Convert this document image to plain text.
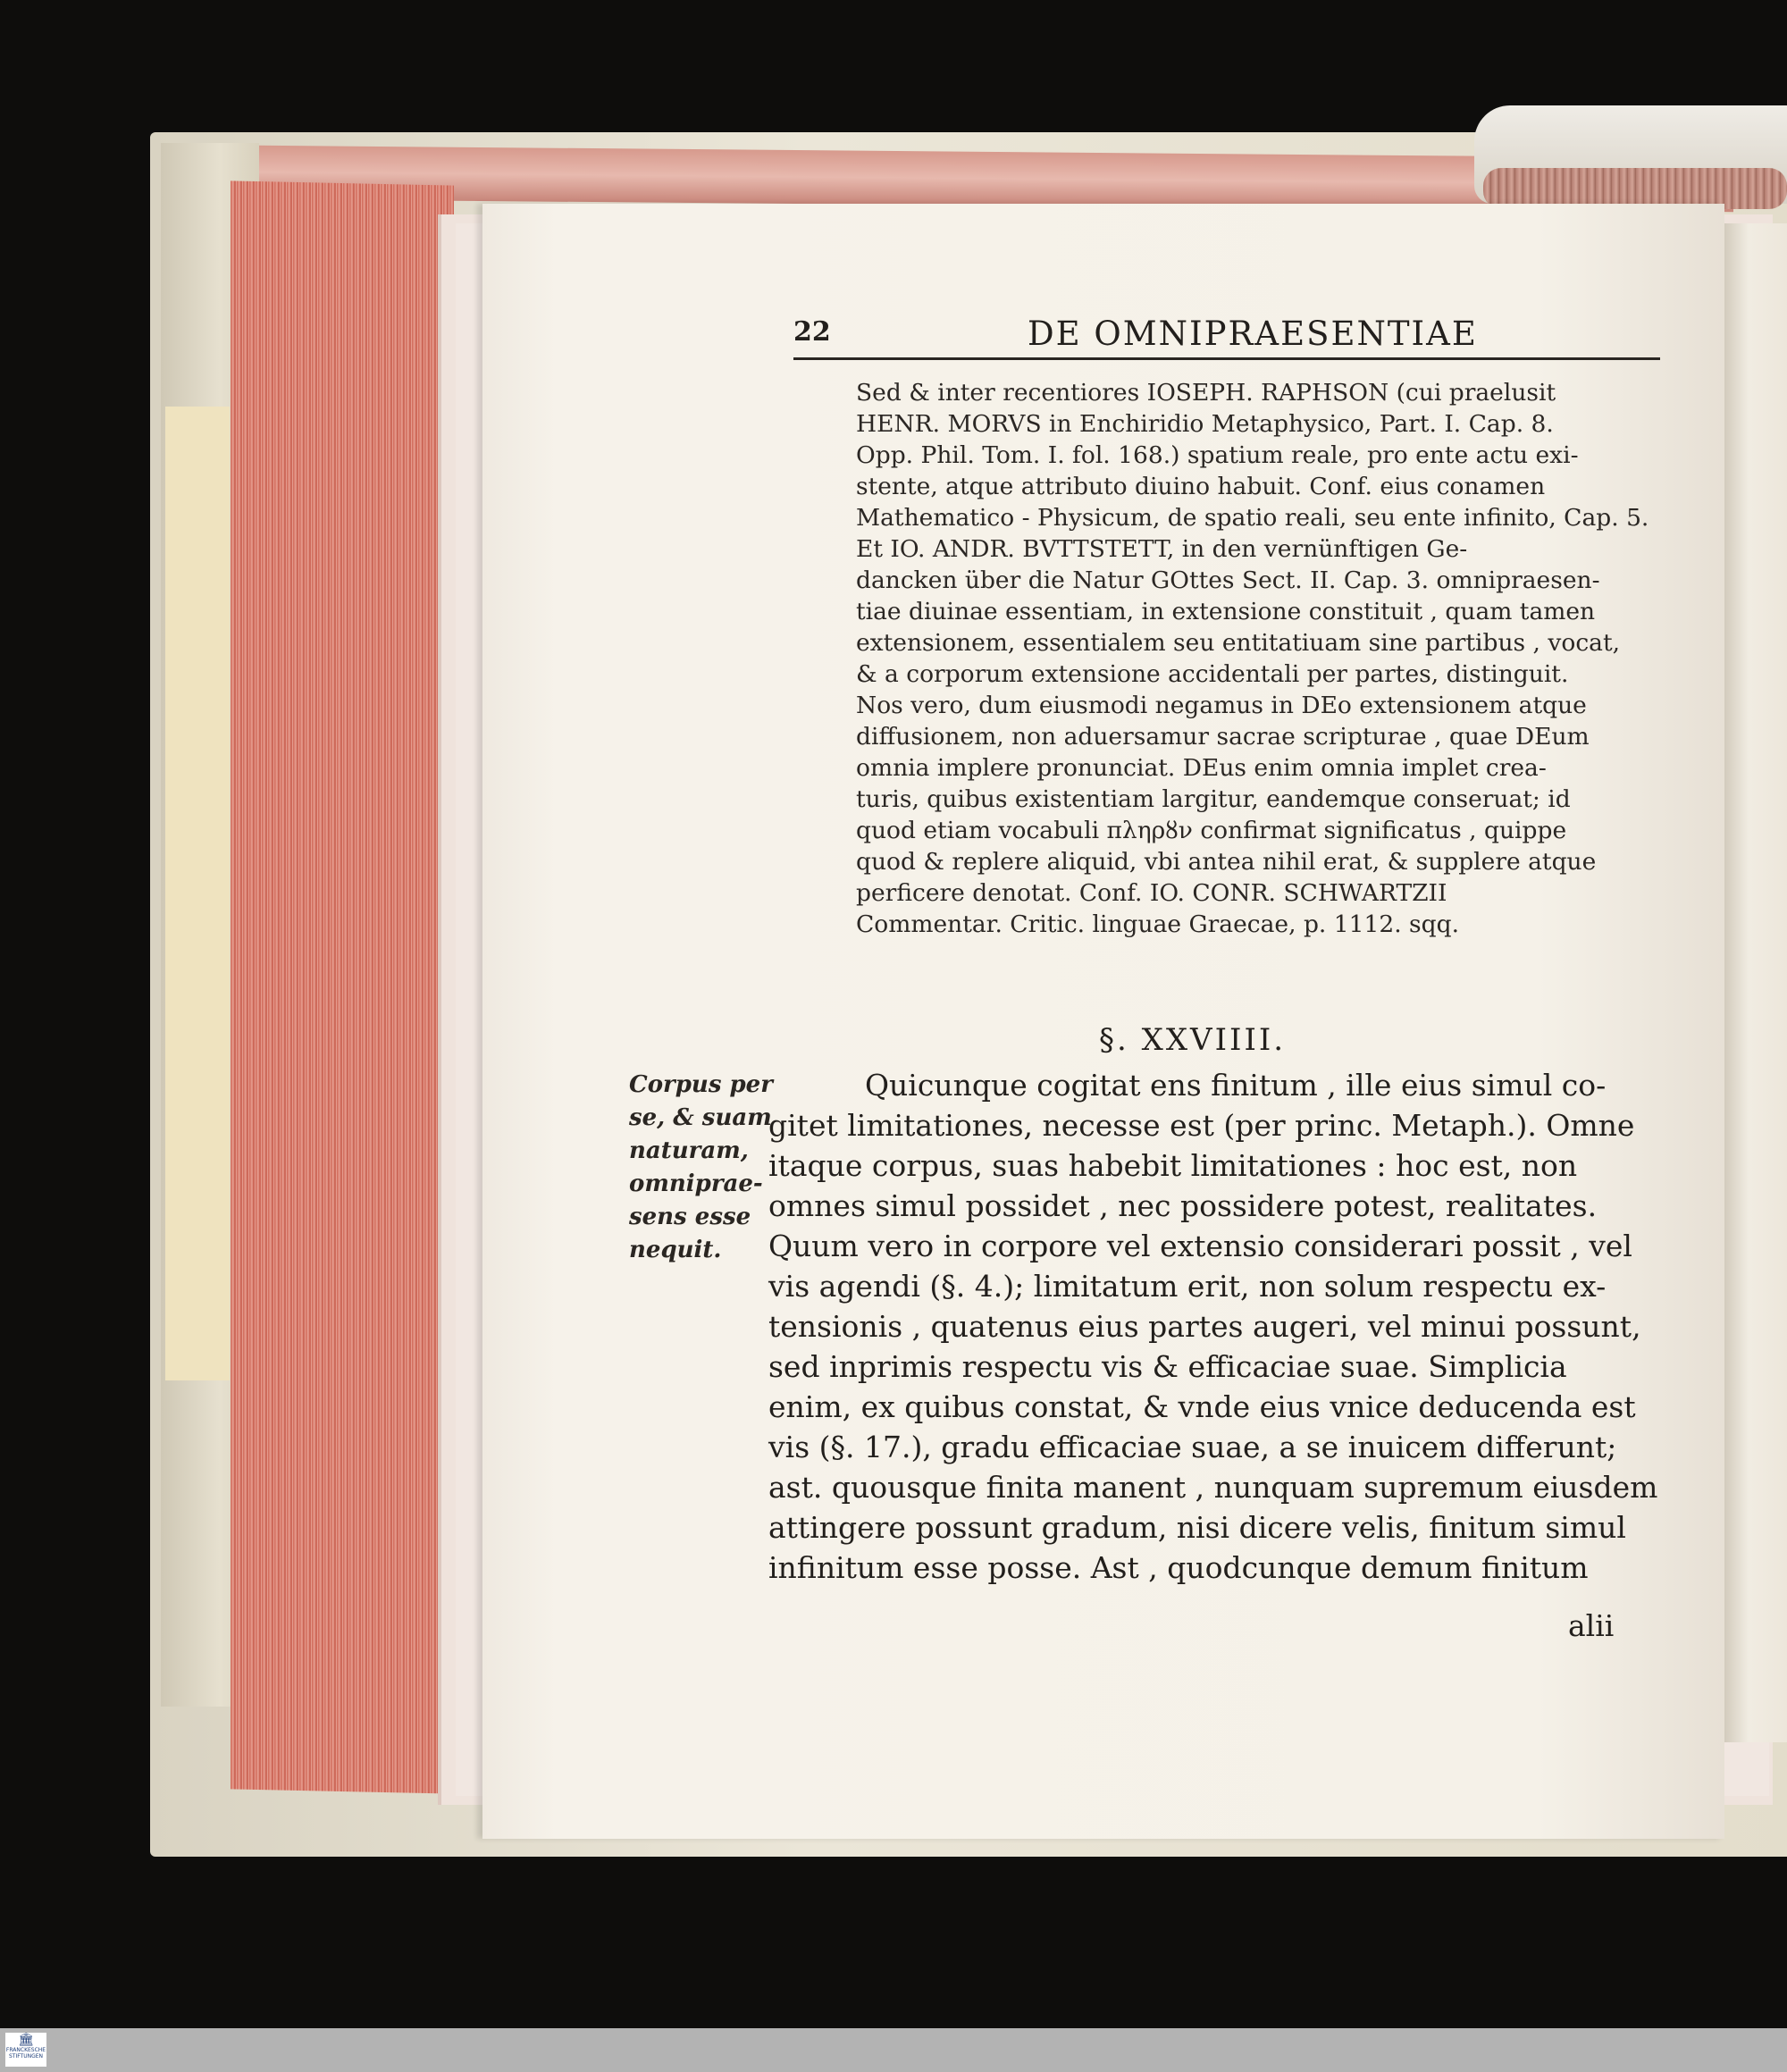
22	DE OMNIPRAESENTIAE
Sed & inter recentiores IOSEPH. RAPHSON (cui praelusit
HENR. MORVS in Enchiridio Metaphysico, Part. I. Cap. 8.
Opp. Phil. Tom. I. fol. 168.) spatium reale, pro ente actu exi-
stente, atque attributo diuino habuit. Conf. eius conamen
Mathematico - Physicum, de spatio reali, seu ente infinito, Cap. 5.
Et IO. ANDR. BVTTSTETT, in den vernünftigen Ge-
dancken über die Natur GOttes Sect. II. Cap. 3. omnipraesen-
tiae diuinae essentiam, in extensione constituit , quam tamen
extensionem, essentialem seu entitatiuam sine partibus , vocat,
& a corporum extensione accidentali per partes, distinguit.
Nos vero, dum eiusmodi negamus in DEo extensionem atque
diffusionem, non aduersamur sacrae scripturae , quae DEum
omnia implere pronunciat. DEus enim omnia implet crea-
turis, quibus existentiam largitur, eandemque conseruat; id
quod etiam vocabuli πληρȣν confirmat significatus , quippe
quod & replere aliquid, vbi antea nihil erat, & supplere atque
perficere denotat. Conf. IO. CONR. SCHWARTZII
Commentar. Critic. linguae Graecae, p. 1112. sqq.
§. XXVIIII.
Corpus per
se, & suam
naturam,
omniprae-
sens esse
nequit.
Quicunque cogitat ens finitum , ille eius simul co-
gitet limitationes, necesse est (per princ. Metaph.). Omne
itaque corpus, suas habebit limitationes : hoc est, non
omnes simul possidet , nec possidere potest, realitates.
Quum vero in corpore vel extensio considerari possit , vel
vis agendi (§. 4.); limitatum erit, non solum respectu ex-
tensionis , quatenus eius partes augeri, vel minui possunt,
sed inprimis respectu vis & efficaciae suae. Simplicia
enim, ex quibus constat, & vnde eius vnice deducenda est
vis (§. 17.), gradu efficaciae suae, a se inuicem differunt;
ast. quousque finita manent , nunquam supremum eiusdem
attingere possunt gradum, nisi dicere velis, finitum simul
infinitum esse posse. Ast , quodcunque demum finitum
alii
🏛
FRANCKESCHE STIFTUNGEN
